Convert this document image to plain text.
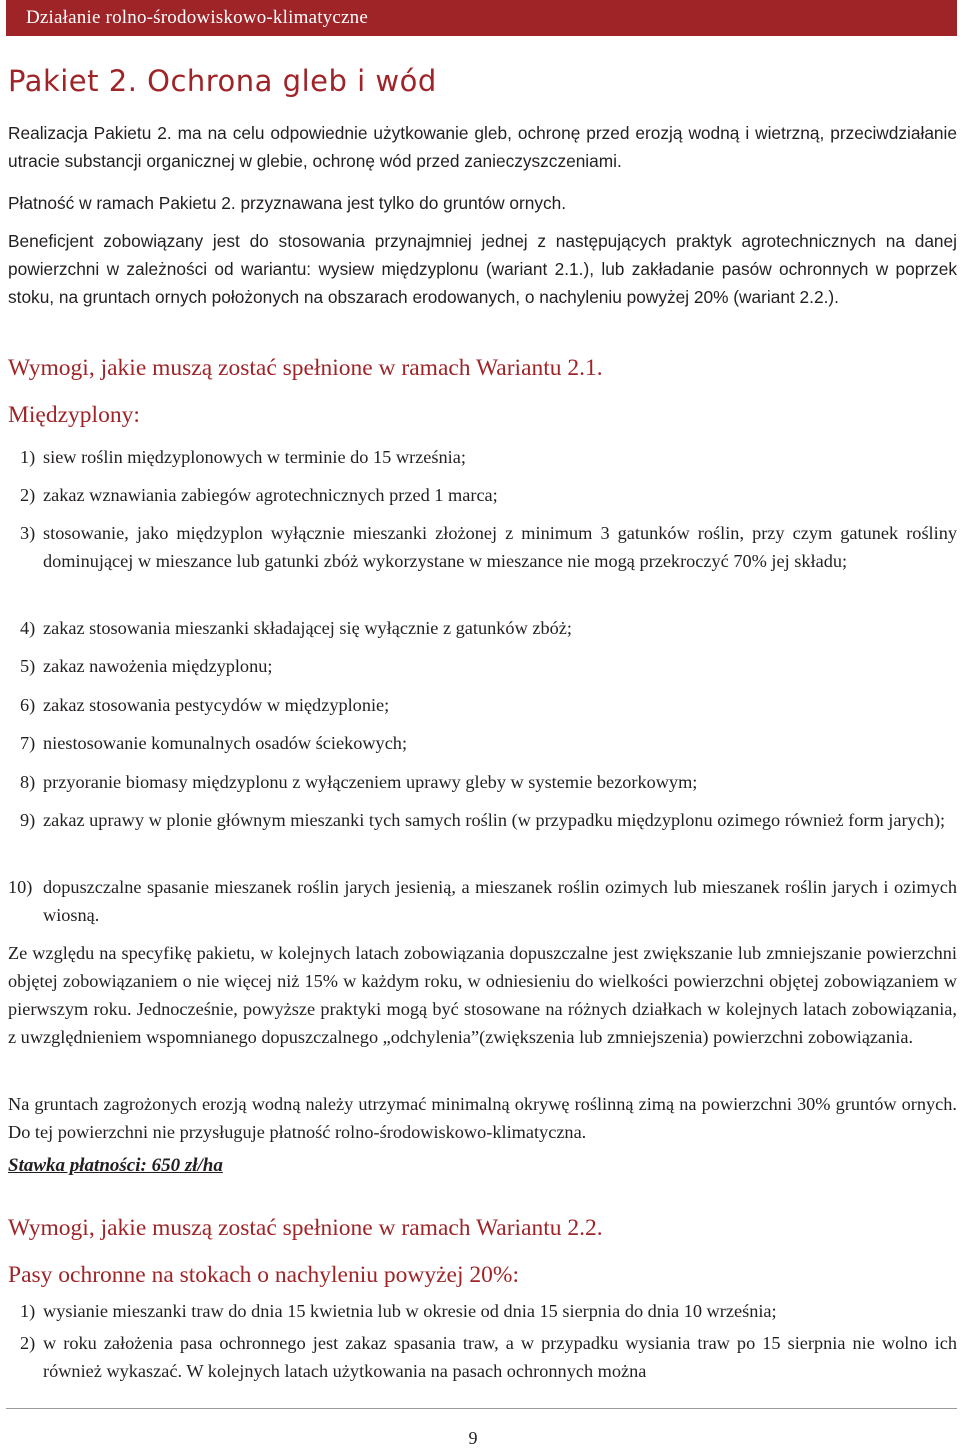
Działanie rolno-środowiskowo-klimatyczne
Pakiet 2. Ochrona gleb i wód

Realizacja Pakietu 2. ma na celu odpowiednie użytkowanie gleb, ochronę przed erozją wodną i wietrzną, przeciwdziałanie utracie substancji organicznej w glebie, ochronę wód przed zanieczyszczeniami.

Płatność w ramach Pakietu 2. przyznawana jest tylko do gruntów ornych.

Beneficjent zobowiązany jest do stosowania przynajmniej jednej z następujących praktyk agrotechnicznych na danej powierzchni w zależności od wariantu: wysiew międzyplonu (wariant 2.1.), lub zakładanie pasów ochronnych w poprzek stoku, na gruntach ornych położonych na obszarach erodowanych, o nachyleniu powyżej 20% (wariant 2.2.).

Wymogi, jakie muszą zostać spełnione w ramach Wariantu 2.1.
Międzyplony:
1) siew roślin międzyplonowych w terminie do 15 września;
2) zakaz wznawiania zabiegów agrotechnicznych przed 1 marca;
3) stosowanie, jako międzyplon wyłącznie mieszanki złożonej z minimum 3 gatunków roślin, przy czym gatunek rośliny dominującej w mieszance lub gatunki zbóż wykorzystane w mieszance nie mogą przekroczyć 70% jej składu;
4) zakaz stosowania mieszanki składającej się wyłącznie z gatunków zbóż;
5) zakaz nawożenia międzyplonu;
6) zakaz stosowania pestycydów w międzyplonie;
7) niestosowanie komunalnych osadów ściekowych;
8) przyoranie biomasy międzyplonu z wyłączeniem uprawy gleby w systemie bezorkowym;
9) zakaz uprawy w plonie głównym mieszanki tych samych roślin (w przypadku międzyplonu ozimego również form jarych);
10) dopuszczalne spasanie mieszanek roślin jarych jesienią, a mieszanek roślin ozimych lub mieszanek roślin jarych i ozimych wiosną.

Ze względu na specyfikę pakietu, w kolejnych latach zobowiązania dopuszczalne jest zwiększanie lub zmniejszanie powierzchni objętej zobowiązaniem o nie więcej niż 15% w każdym roku, w odniesieniu do wielkości powierzchni objętej zobowiązaniem w pierwszym roku. Jednocześnie, powyższe praktyki mogą być stosowane na różnych działkach w kolejnych latach zobowiązania, z uwzględnieniem wspomnianego dopuszczalnego „odchylenia”(zwiększenia lub zmniejszenia) powierzchni zobowiązania.

Na gruntach zagrożonych erozją wodną należy utrzymać minimalną okrywę roślinną zimą na powierzchni 30% gruntów ornych. Do tej powierzchni nie przysługuje płatność rolno-środowiskowo-klimatyczna.

Stawka płatności: 650 zł/ha

Wymogi, jakie muszą zostać spełnione w ramach Wariantu 2.2.
Pasy ochronne na stokach o nachyleniu powyżej 20%:
1) wysianie mieszanki traw do dnia 15 kwietnia lub w okresie od dnia 15 sierpnia do dnia 10 września;
2) w roku założenia pasa ochronnego jest zakaz spasania traw, a w przypadku wysiania traw po 15 sierpnia nie wolno ich również wykaszać. W kolejnych latach użytkowania na pasach ochronnych można
9
